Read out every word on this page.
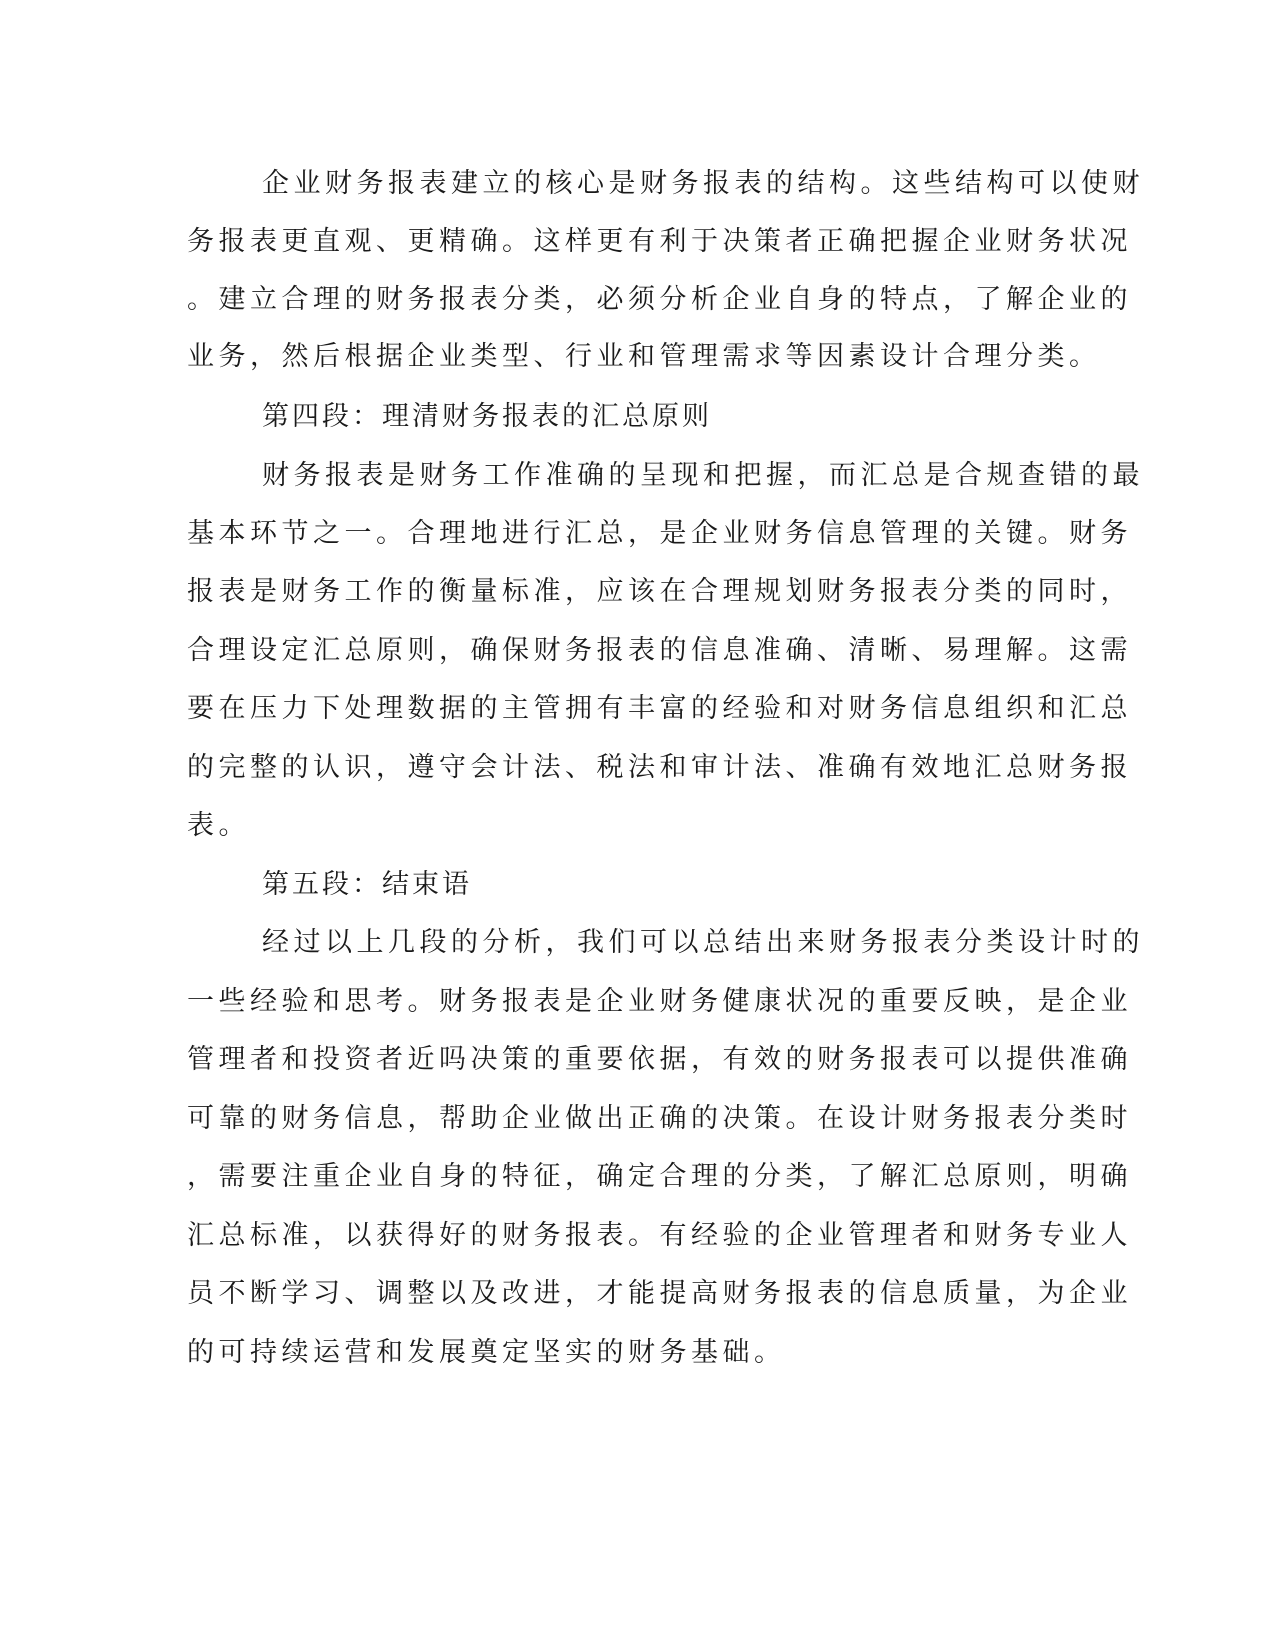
企业财务报表建立的核心是财务报表的结构。这些结构可以使财
务报表更直观、更精确。这样更有利于决策者正确把握企业财务状况
。建立合理的财务报表分类，必须分析企业自身的特点，了解企业的
业务，然后根据企业类型、行业和管理需求等因素设计合理分类。
第四段：理清财务报表的汇总原则
财务报表是财务工作准确的呈现和把握，而汇总是合规查错的最
基本环节之一。合理地进行汇总，是企业财务信息管理的关键。财务
报表是财务工作的衡量标准，应该在合理规划财务报表分类的同时，
合理设定汇总原则，确保财务报表的信息准确、清晰、易理解。这需
要在压力下处理数据的主管拥有丰富的经验和对财务信息组织和汇总
的完整的认识，遵守会计法、税法和审计法、准确有效地汇总财务报
表。
第五段：结束语
经过以上几段的分析，我们可以总结出来财务报表分类设计时的
一些经验和思考。财务报表是企业财务健康状况的重要反映，是企业
管理者和投资者近吗决策的重要依据，有效的财务报表可以提供准确
可靠的财务信息，帮助企业做出正确的决策。在设计财务报表分类时
，需要注重企业自身的特征，确定合理的分类，了解汇总原则，明确
汇总标准，以获得好的财务报表。有经验的企业管理者和财务专业人
员不断学习、调整以及改进，才能提高财务报表的信息质量，为企业
的可持续运营和发展奠定坚实的财务基础。
